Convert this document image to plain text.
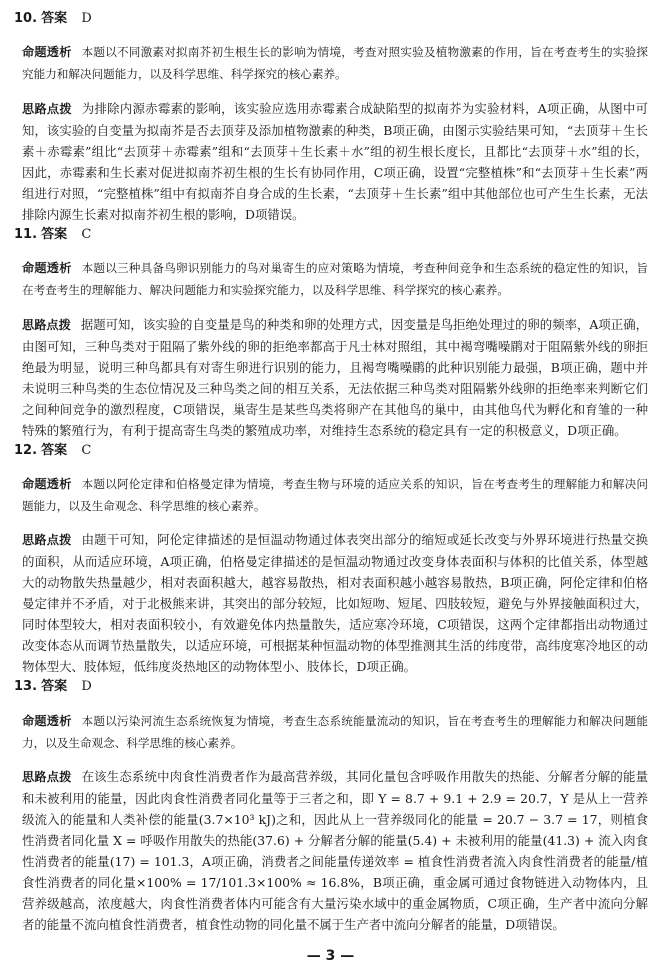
10. 答案 D

命题透析 本题以不同激素对拟南芥初生根生长的影响为情境，考查对照实验及植物激素的作用，旨在考查考生的实验探究能力和解决问题能力，以及科学思维、科学探究的核心素养。

思路点拨 为排除内源赤霉素的影响，该实验应选用赤霉素合成缺陷型的拟南芥为实验材料，A项正确，从图中可知，该实验的自变量为拟南芥是否去顶芽及添加植物激素的种类，B项正确，由图示实验结果可知，“去顶芽＋生长素＋赤霉素”组比“去顶芽＋赤霉素”组和“去顶芽＋生长素＋水”组的初生根长度长，且都比“去顶芽＋水”组的长，因此，赤霉素和生长素对促进拟南芥初生根的生长有协同作用，C项正确，设置“完整植株”和“去顶芽＋生长素”两组进行对照，“完整植株”组中有拟南芥自身合成的生长素，“去顶芽＋生长素”组中其他部位也可产生生长素，无法排除内源生长素对拟南芥初生根的影响，D项错误。

11. 答案 C

命题透析 本题以三种具备鸟卵识别能力的鸟对巢寄生的应对策略为情境，考查种间竞争和生态系统的稳定性的知识，旨在考查考生的理解能力、解决问题能力和实验探究能力，以及科学思维、科学探究的核心素养。

思路点拨 据题可知，该实验的自变量是鸟的种类和卵的处理方式，因变量是鸟拒绝处理过的卵的频率，A项正确，由图可知，三种鸟类对于阻隔了紫外线的卵的拒绝率都高于凡士林对照组，其中褐弯嘴噪鹛对于阻隔紫外线的卵拒绝最为明显，说明三种鸟都具有对寄生卵进行识别的能力，且褐弯嘴噪鹛的此种识别能力最强，B项正确，题中并未说明三种鸟类的生态位情况及三种鸟类之间的相互关系，无法依据三种鸟类对阻隔紫外线卵的拒绝率来判断它们之间种间竞争的激烈程度，C项错误，巢寄生是某些鸟类将卵产在其他鸟的巢中，由其他鸟代为孵化和育雏的一种特殊的繁殖行为，有利于提高寄生鸟类的繁殖成功率，对维持生态系统的稳定具有一定的积极意义，D项正确。

12. 答案 C

命题透析 本题以阿伦定律和伯格曼定律为情境，考查生物与环境的适应关系的知识，旨在考查考生的理解能力和解决问题能力，以及生命观念、科学思维的核心素养。

思路点拨 由题干可知，阿伦定律描述的是恒温动物通过体表突出部分的缩短或延长改变与外界环境进行热量交换的面积，从而适应环境，A项正确，伯格曼定律描述的是恒温动物通过改变身体表面积与体积的比值关系，体型越大的动物散失热量越少，相对表面积越大，越容易散热，相对表面积越小越容易散热，B项正确，阿伦定律和伯格曼定律并不矛盾，对于北极熊来讲，其突出的部分较短，比如短吻、短尾、四肢较短，避免与外界接触面积过大，同时体型较大，相对表面积较小，有效避免体内热量散失，适应寒冷环境，C项错误，这两个定律都指出动物通过改变体态从而调节热量散失，以适应环境，可根据某种恒温动物的体型推测其生活的纬度带，高纬度寒冷地区的动物体型大、肢体短，低纬度炎热地区的动物体型小、肢体长，D项正确。

13. 答案 D

命题透析 本题以污染河流生态系统恢复为情境，考查生态系统能量流动的知识，旨在考查考生的理解能力和解决问题能力，以及生命观念、科学思维的核心素养。

思路点拨 在该生态系统中肉食性消费者作为最高营养级，其同化量包含呼吸作用散失的热能、分解者分解的能量和未被利用的能量，因此肉食性消费者同化量等于三者之和，即 Y = 8.7 + 9.1 + 2.9 = 20.7，Y 是从上一营养级流入的能量和人类补偿的能量(3.7×10³ kJ)之和，因此从上一营养级同化的能量 = 20.7 − 3.7 = 17，则植食性消费者同化量 X = 呼吸作用散失的热能(37.6) + 分解者分解的能量(5.4) + 未被利用的能量(41.3) + 流入肉食性消费者的能量(17) = 101.3，A项正确，消费者之间能量传递效率 = 植食性消费者流入肉食性消费者的能量/植食性消费者的同化量×100% = 17/101.3×100% ≈ 16.8%，B项正确，重金属可通过食物链进入动物体内，且营养级越高，浓度越大，肉食性消费者体内可能含有大量污染水域中的重金属物质，C项正确，生产者中流向分解者的能量不流向植食性消费者，植食性动物的同化量不属于生产者中流向分解者的能量，D项错误。

— 3 —
